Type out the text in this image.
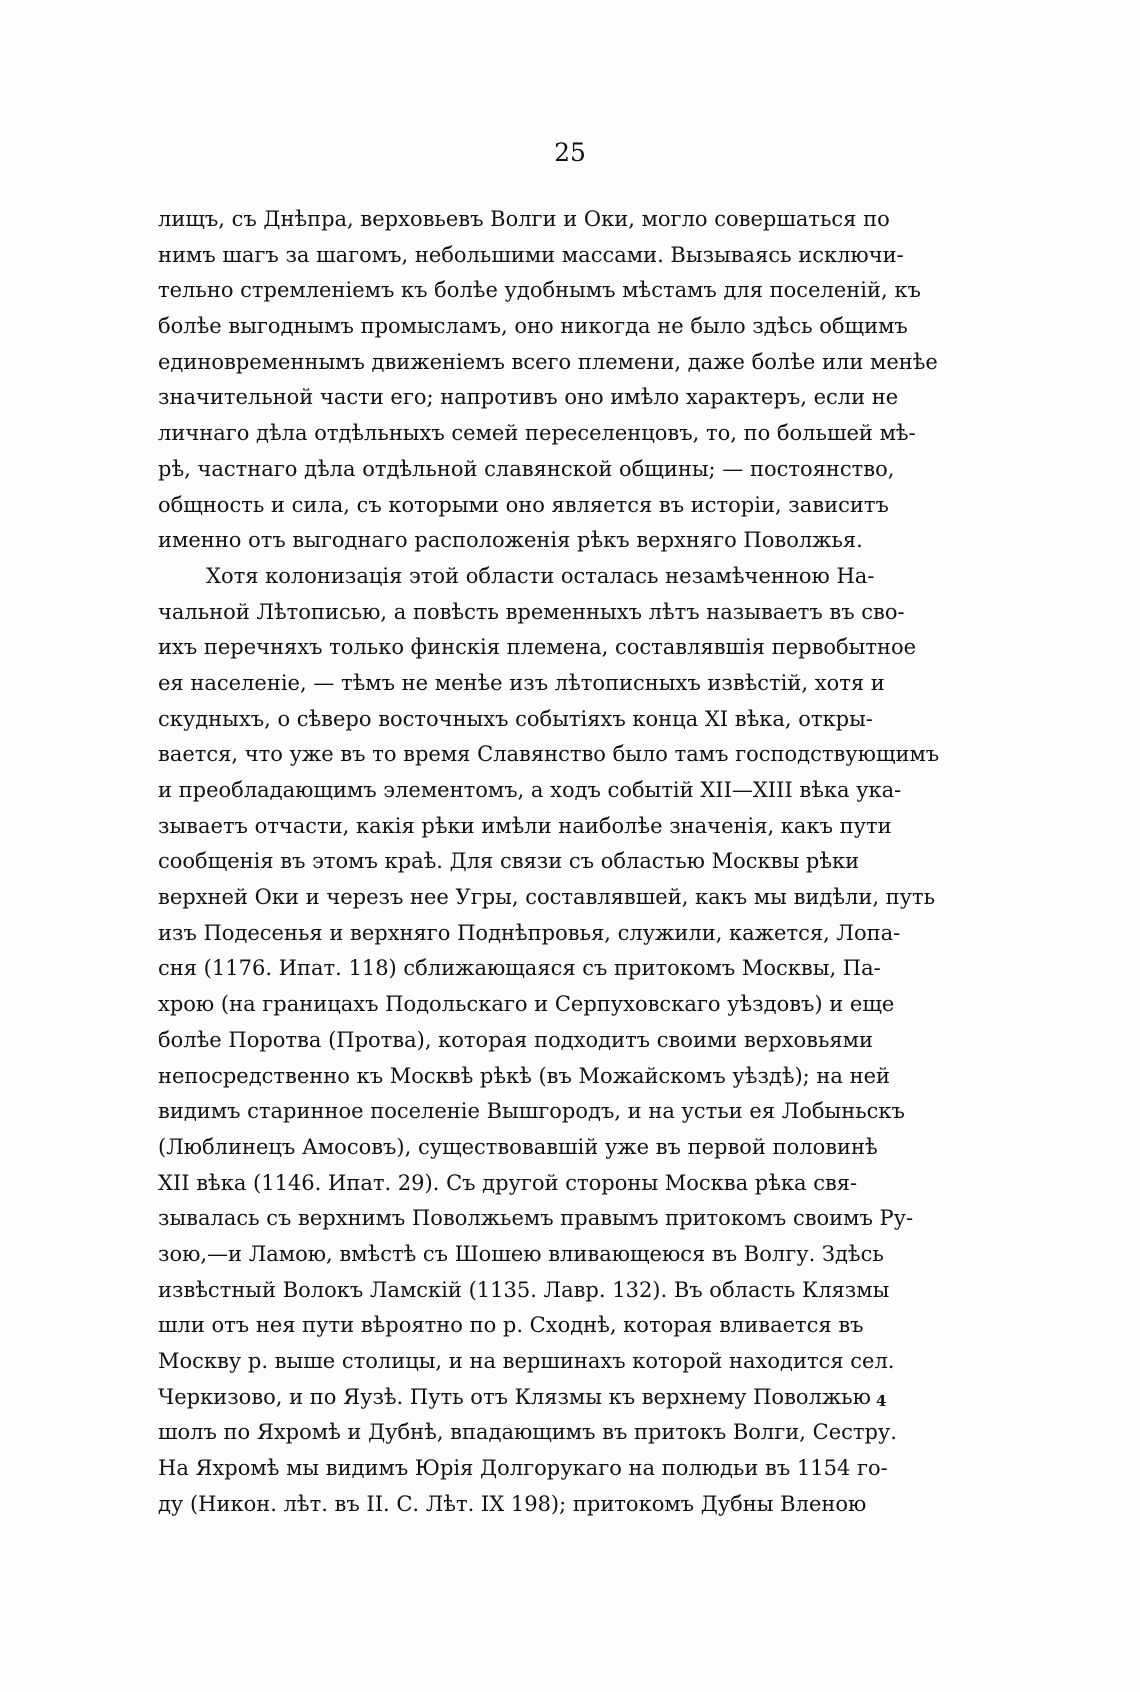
25
лищъ, съ Днѣпра, верховьевъ Волги и Оки, могло совершаться по
нимъ шагъ за шагомъ, небольшими массами. Вызываясь исключи-
тельно стремленіемъ къ болѣе удобнымъ мѣстамъ для поселеній, къ
болѣе выгоднымъ промысламъ, оно никогда не было здѣсь общимъ
единовременнымъ движеніемъ всего племени, даже болѣе или менѣе
значительной части его; напротивъ оно имѣло характеръ, если не
личнаго дѣла отдѣльныхъ семей переселенцовъ, то, по большей мѣ-
рѣ, частнаго дѣла отдѣльной славянской общины; — постоянство,
общность и сила, съ которыми оно является въ исторіи, зависитъ
именно отъ выгоднаго расположенія рѣкъ верхняго Поволжья.
Хотя колонизація этой области осталась незамѣченною На-
чальной Лѣтописью, а повѣсть временныхъ лѣтъ называетъ въ сво-
ихъ перечняхъ только финскія племена, составлявшія первобытное
ея населеніе, — тѣмъ не менѣе изъ лѣтописныхъ извѣстій, хотя и
скудныхъ, о сѣверо восточныхъ событіяхъ конца XI вѣка, откры-
вается, что уже въ то время Славянство было тамъ господствующимъ
и преобладающимъ элементомъ, а ходъ событій XII—XIII вѣка ука-
зываетъ отчасти, какія рѣки имѣли наиболѣе значенія, какъ пути
сообщенія въ этомъ краѣ. Для связи съ областью Москвы рѣки
верхней Оки и черезъ нее Угры, составлявшей, какъ мы видѣли, путь
изъ Подесенья и верхняго Поднѣпровья, служили, кажется, Лопа-
сня (1176. Ипат. 118) сближающаяся съ притокомъ Москвы, Па-
хрою (на границахъ Подольскаго и Серпуховскаго уѣздовъ) и еще
болѣе Поротва (Протва), которая подходитъ своими верховьями
непосредственно къ Москвѣ рѣкѣ (въ Можайскомъ уѣздѣ); на ней
видимъ старинное поселеніе Вышгородъ, и на устьи ея Лобыньскъ
(Люблинецъ Амосовъ), существовавшій уже въ первой половинѣ
XII вѣка (1146. Ипат. 29). Съ другой стороны Москва рѣка свя-
зывалась съ верхнимъ Поволжьемъ правымъ притокомъ своимъ Ру-
зою,—и Ламою, вмѣстѣ съ Шошею вливающеюся въ Волгу. Здѣсь
извѣстный Волокъ Ламскій (1135. Лавр. 132). Въ область Клязмы
шли отъ нея пути вѣроятно по р. Сходнѣ, которая вливается въ
Москву р. выше столицы, и на вершинахъ которой находится сел.
Черкизово, и по Яузѣ. Путь отъ Клязмы къ верхнему Поволжью
шолъ по Яхромѣ и Дубнѣ, впадающимъ въ притокъ Волги, Сестру.
На Яхромѣ мы видимъ Юрія Долгорукаго на полюдьи въ 1154 го-
ду (Никон. лѣт. въ II. С. Лѣт. IX 198); притокомъ Дубны Вленою
4
